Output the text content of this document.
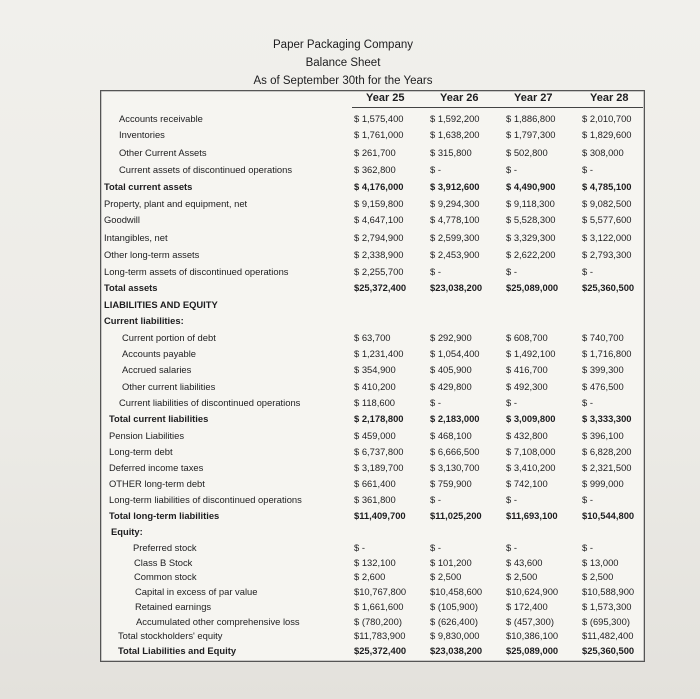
Paper Packaging Company
Balance Sheet
As of September 30th for the Years
Year 25	Year 26	Year 27	Year 28
Accounts receivable	$ 1,575,400	$ 1,592,200	$ 1,886,800	$ 2,010,700
Inventories	$ 1,761,000	$ 1,638,200	$ 1,797,300	$ 1,829,600
Other Current Assets	$ 261,700	$ 315,800	$ 502,800	$ 308,000
Current assets of discontinued operations	$ 362,800	$ -	$ -	$ -
Total current assets	$ 4,176,000	$ 3,912,600	$ 4,490,900	$ 4,785,100
Property, plant and equipment, net	$ 9,159,800	$ 9,294,300	$ 9,118,300	$ 9,082,500
Goodwill	$ 4,647,100	$ 4,778,100	$ 5,528,300	$ 5,577,600
Intangibles, net	$ 2,794,900	$ 2,599,300	$ 3,329,300	$ 3,122,000
Other long-term assets	$ 2,338,900	$ 2,453,900	$ 2,622,200	$ 2,793,300
Long-term assets of discontinued operations	$ 2,255,700	$ -	$ -	$ -
Total assets	$25,372,400	$23,038,200	$25,089,000	$25,360,500
LIABILITIES AND EQUITY
Current liabilities:
Current portion of debt	$ 63,700	$ 292,900	$ 608,700	$ 740,700
Accounts payable	$ 1,231,400	$ 1,054,400	$ 1,492,100	$ 1,716,800
Accrued salaries	$ 354,900	$ 405,900	$ 416,700	$ 399,300
Other current liabilities	$ 410,200	$ 429,800	$ 492,300	$ 476,500
Current liabilities of discontinued operations	$ 118,600	$ -	$ -	$ -
Total current liabilities	$ 2,178,800	$ 2,183,000	$ 3,009,800	$ 3,333,300
Pension Liabilities	$ 459,000	$ 468,100	$ 432,800	$ 396,100
Long-term debt	$ 6,737,800	$ 6,666,500	$ 7,108,000	$ 6,828,200
Deferred income taxes	$ 3,189,700	$ 3,130,700	$ 3,410,200	$ 2,321,500
OTHER long-term debt	$ 661,400	$ 759,900	$ 742,100	$ 999,000
Long-term liabilities of discontinued operations	$ 361,800	$ -	$ -	$ -
Total long-term liabilities	$11,409,700	$11,025,200	$11,693,100	$10,544,800
Equity:
Preferred stock	$ -	$ -	$ -	$ -
Class B Stock	$ 132,100	$ 101,200	$ 43,600	$ 13,000
Common stock	$ 2,600	$ 2,500	$ 2,500	$ 2,500
Capital in excess of par value	$10,767,800	$10,458,600	$10,624,900	$10,588,900
Retained earnings	$ 1,661,600	$ (105,900)	$ 172,400	$ 1,573,300
Accumulated other comprehensive loss	$ (780,200)	$ (626,400)	$ (457,300)	$ (695,300)
Total stockholders' equity	$11,783,900	$ 9,830,000	$10,386,100	$11,482,400
Total Liabilities and Equity	$25,372,400	$23,038,200	$25,089,000	$25,360,500
